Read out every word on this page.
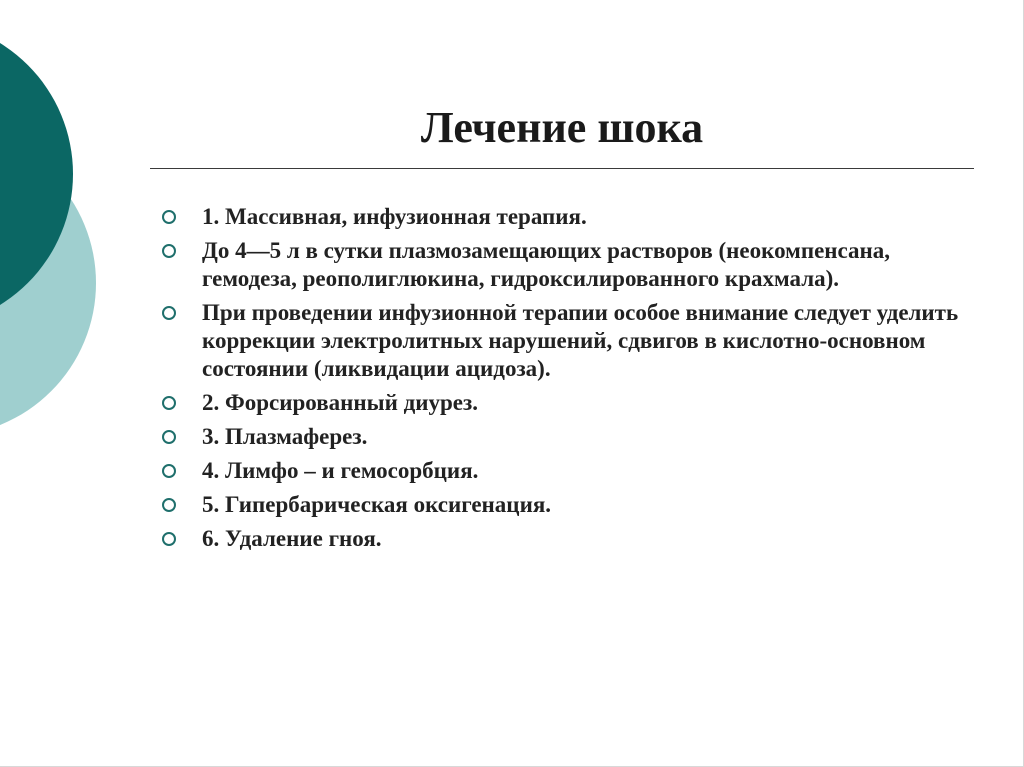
Лечение шока
1. Массивная, инфузионная терапия.
До 4—5 л в сутки плазмозамещающих растворов (неокомпенсана, гемодеза, реополиглюкина, гидроксилированного крахмала).
При проведении инфузионной терапии особое внимание следует уделить коррекции электролитных нарушений, сдвигов в кислотно-основном состоянии (ликвидации ацидоза).
2. Форсированный диурез.
3. Плазмаферез.
4. Лимфо – и гемосорбция.
5. Гипербарическая оксигенация.
6. Удаление гноя.
